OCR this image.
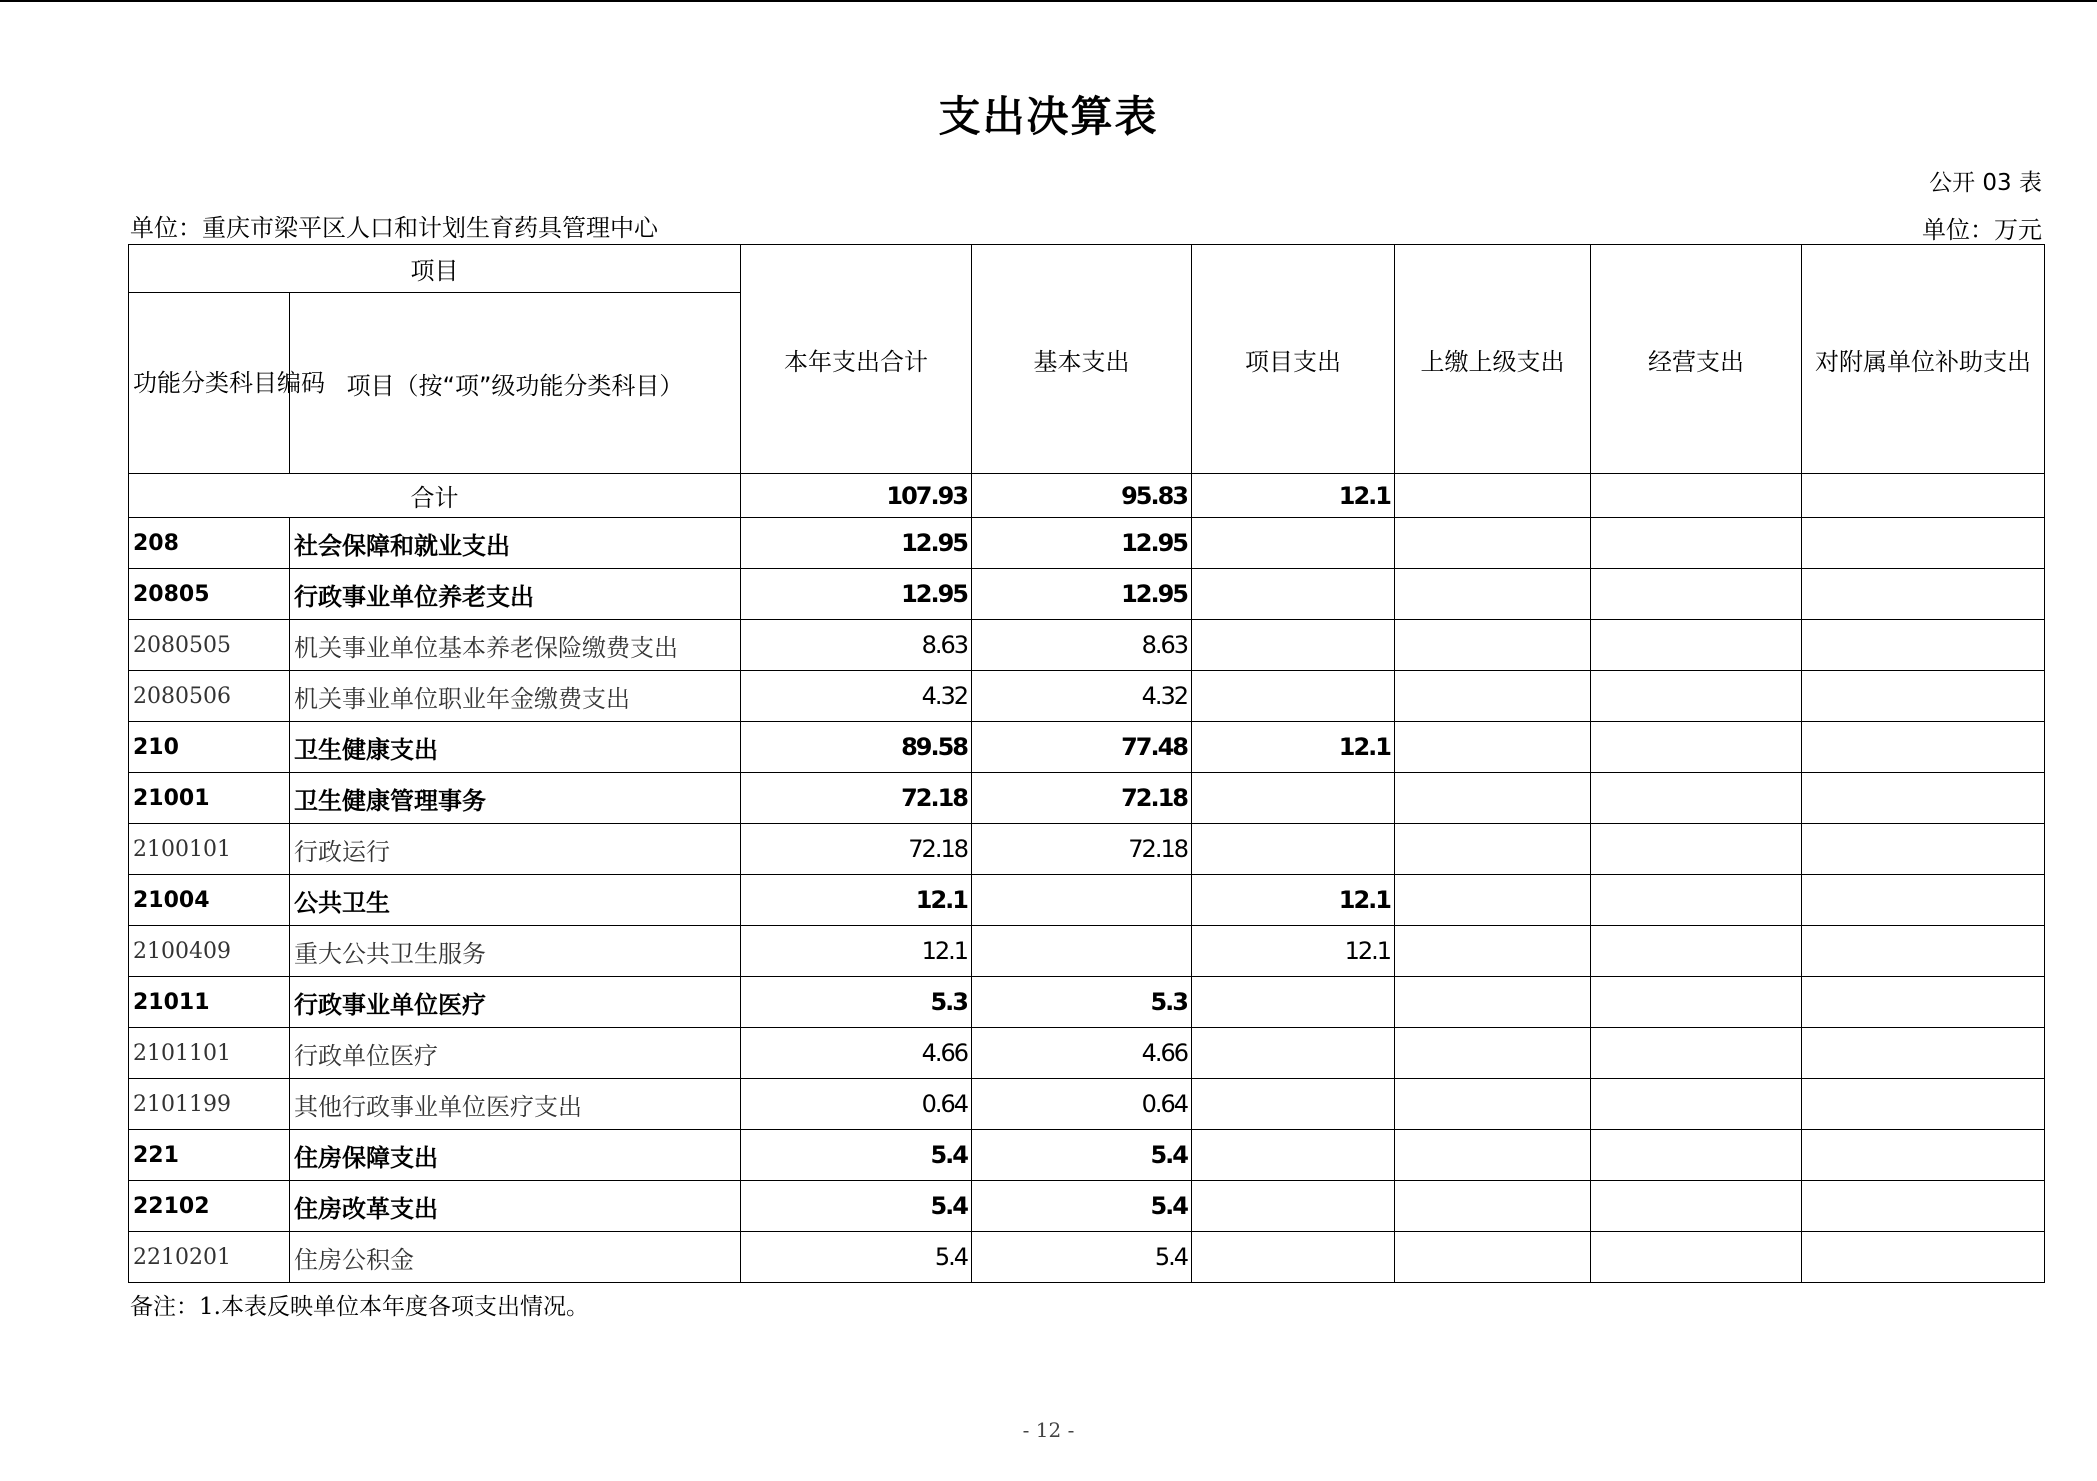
支出决算表
公开 03 表
单位：重庆市梁平区人口和计划生育药具管理中心	单位：万元
项目		本年支出合计	基本支出	项目支出	上缴上级支出	经营支出	对附属单位补助支出
功能分类科目编码	项目（按“项”级功能分类科目）						
合计		107.93	95.83	12.1			
208	社会保障和就业支出	12.95	12.95				
20805	行政事业单位养老支出	12.95	12.95				
2080505	机关事业单位基本养老保险缴费支出	8.63	8.63				
2080506	机关事业单位职业年金缴费支出	4.32	4.32				
210	卫生健康支出	89.58	77.48	12.1			
21001	卫生健康管理事务	72.18	72.18				
2100101	行政运行	72.18	72.18				
21004	公共卫生	12.1		12.1			
2100409	重大公共卫生服务	12.1		12.1			
21011	行政事业单位医疗	5.3	5.3				
2101101	行政单位医疗	4.66	4.66				
2101199	其他行政事业单位医疗支出	0.64	0.64				
221	住房保障支出	5.4	5.4				
22102	住房改革支出	5.4	5.4				
2210201	住房公积金	5.4	5.4				
备注：1.本表反映单位本年度各项支出情况。
- 12 -
